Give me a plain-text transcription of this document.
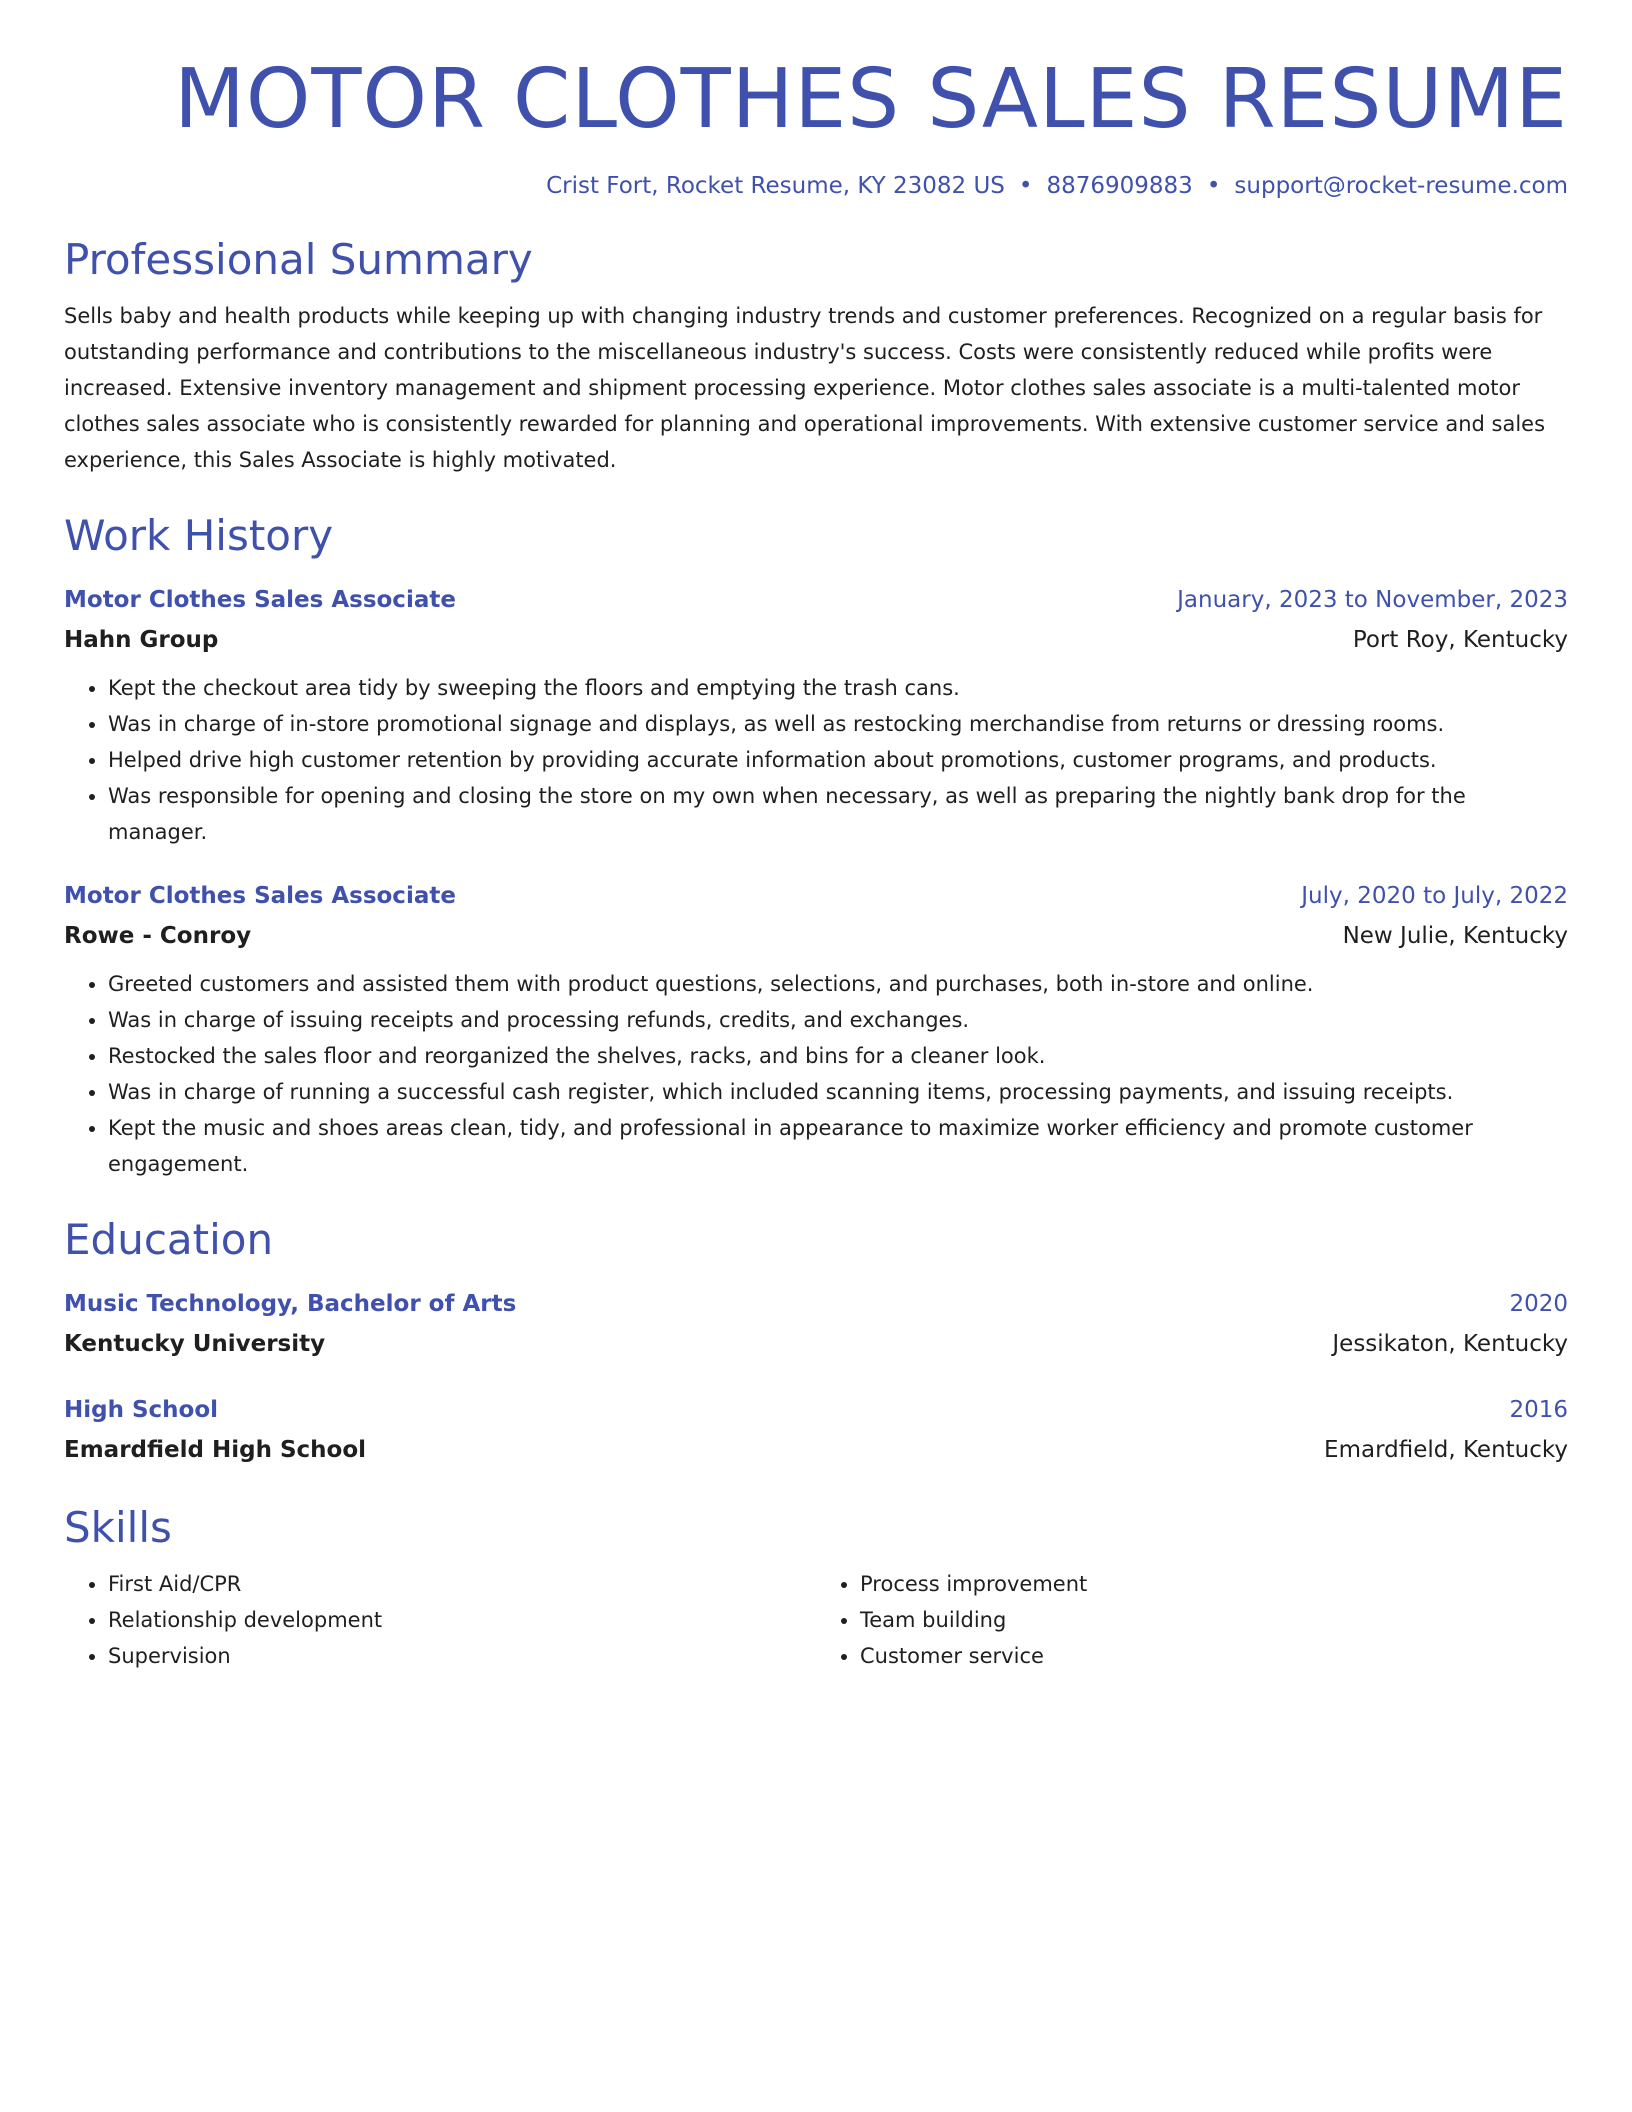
MOTOR CLOTHES SALES RESUME
Crist Fort, Rocket Resume, KY 23082 US • 8876909883 • support@rocket-resume.com
Professional Summary

Sells baby and health products while keeping up with changing industry trends and customer preferences. Recognized on a regular basis for outstanding performance and contributions to the miscellaneous industry's success. Costs were consistently reduced while profits were increased. Extensive inventory management and shipment processing experience. Motor clothes sales associate is a multi-talented motor clothes sales associate who is consistently rewarded for planning and operational improvements. With extensive customer service and sales experience, this Sales Associate is highly motivated.

Work History
Motor Clothes Sales Associate	January, 2023 to November, 2023
Hahn Group	Port Roy, Kentucky
• Kept the checkout area tidy by sweeping the floors and emptying the trash cans.
• Was in charge of in-store promotional signage and displays, as well as restocking merchandise from returns or dressing rooms.
• Helped drive high customer retention by providing accurate information about promotions, customer programs, and products.
• Was responsible for opening and closing the store on my own when necessary, as well as preparing the nightly bank drop for the manager.
Motor Clothes Sales Associate	July, 2020 to July, 2022
Rowe - Conroy	New Julie, Kentucky
• Greeted customers and assisted them with product questions, selections, and purchases, both in-store and online.
• Was in charge of issuing receipts and processing refunds, credits, and exchanges.
• Restocked the sales floor and reorganized the shelves, racks, and bins for a cleaner look.
• Was in charge of running a successful cash register, which included scanning items, processing payments, and issuing receipts.
• Kept the music and shoes areas clean, tidy, and professional in appearance to maximize worker efficiency and promote customer engagement.
Education
Music Technology, Bachelor of Arts	2020
Kentucky University	Jessikaton, Kentucky
High School	2016
Emardfield High School	Emardfield, Kentucky
Skills
• First Aid/CPR
• Relationship development
• Supervision
• Process improvement
• Team building
• Customer service
